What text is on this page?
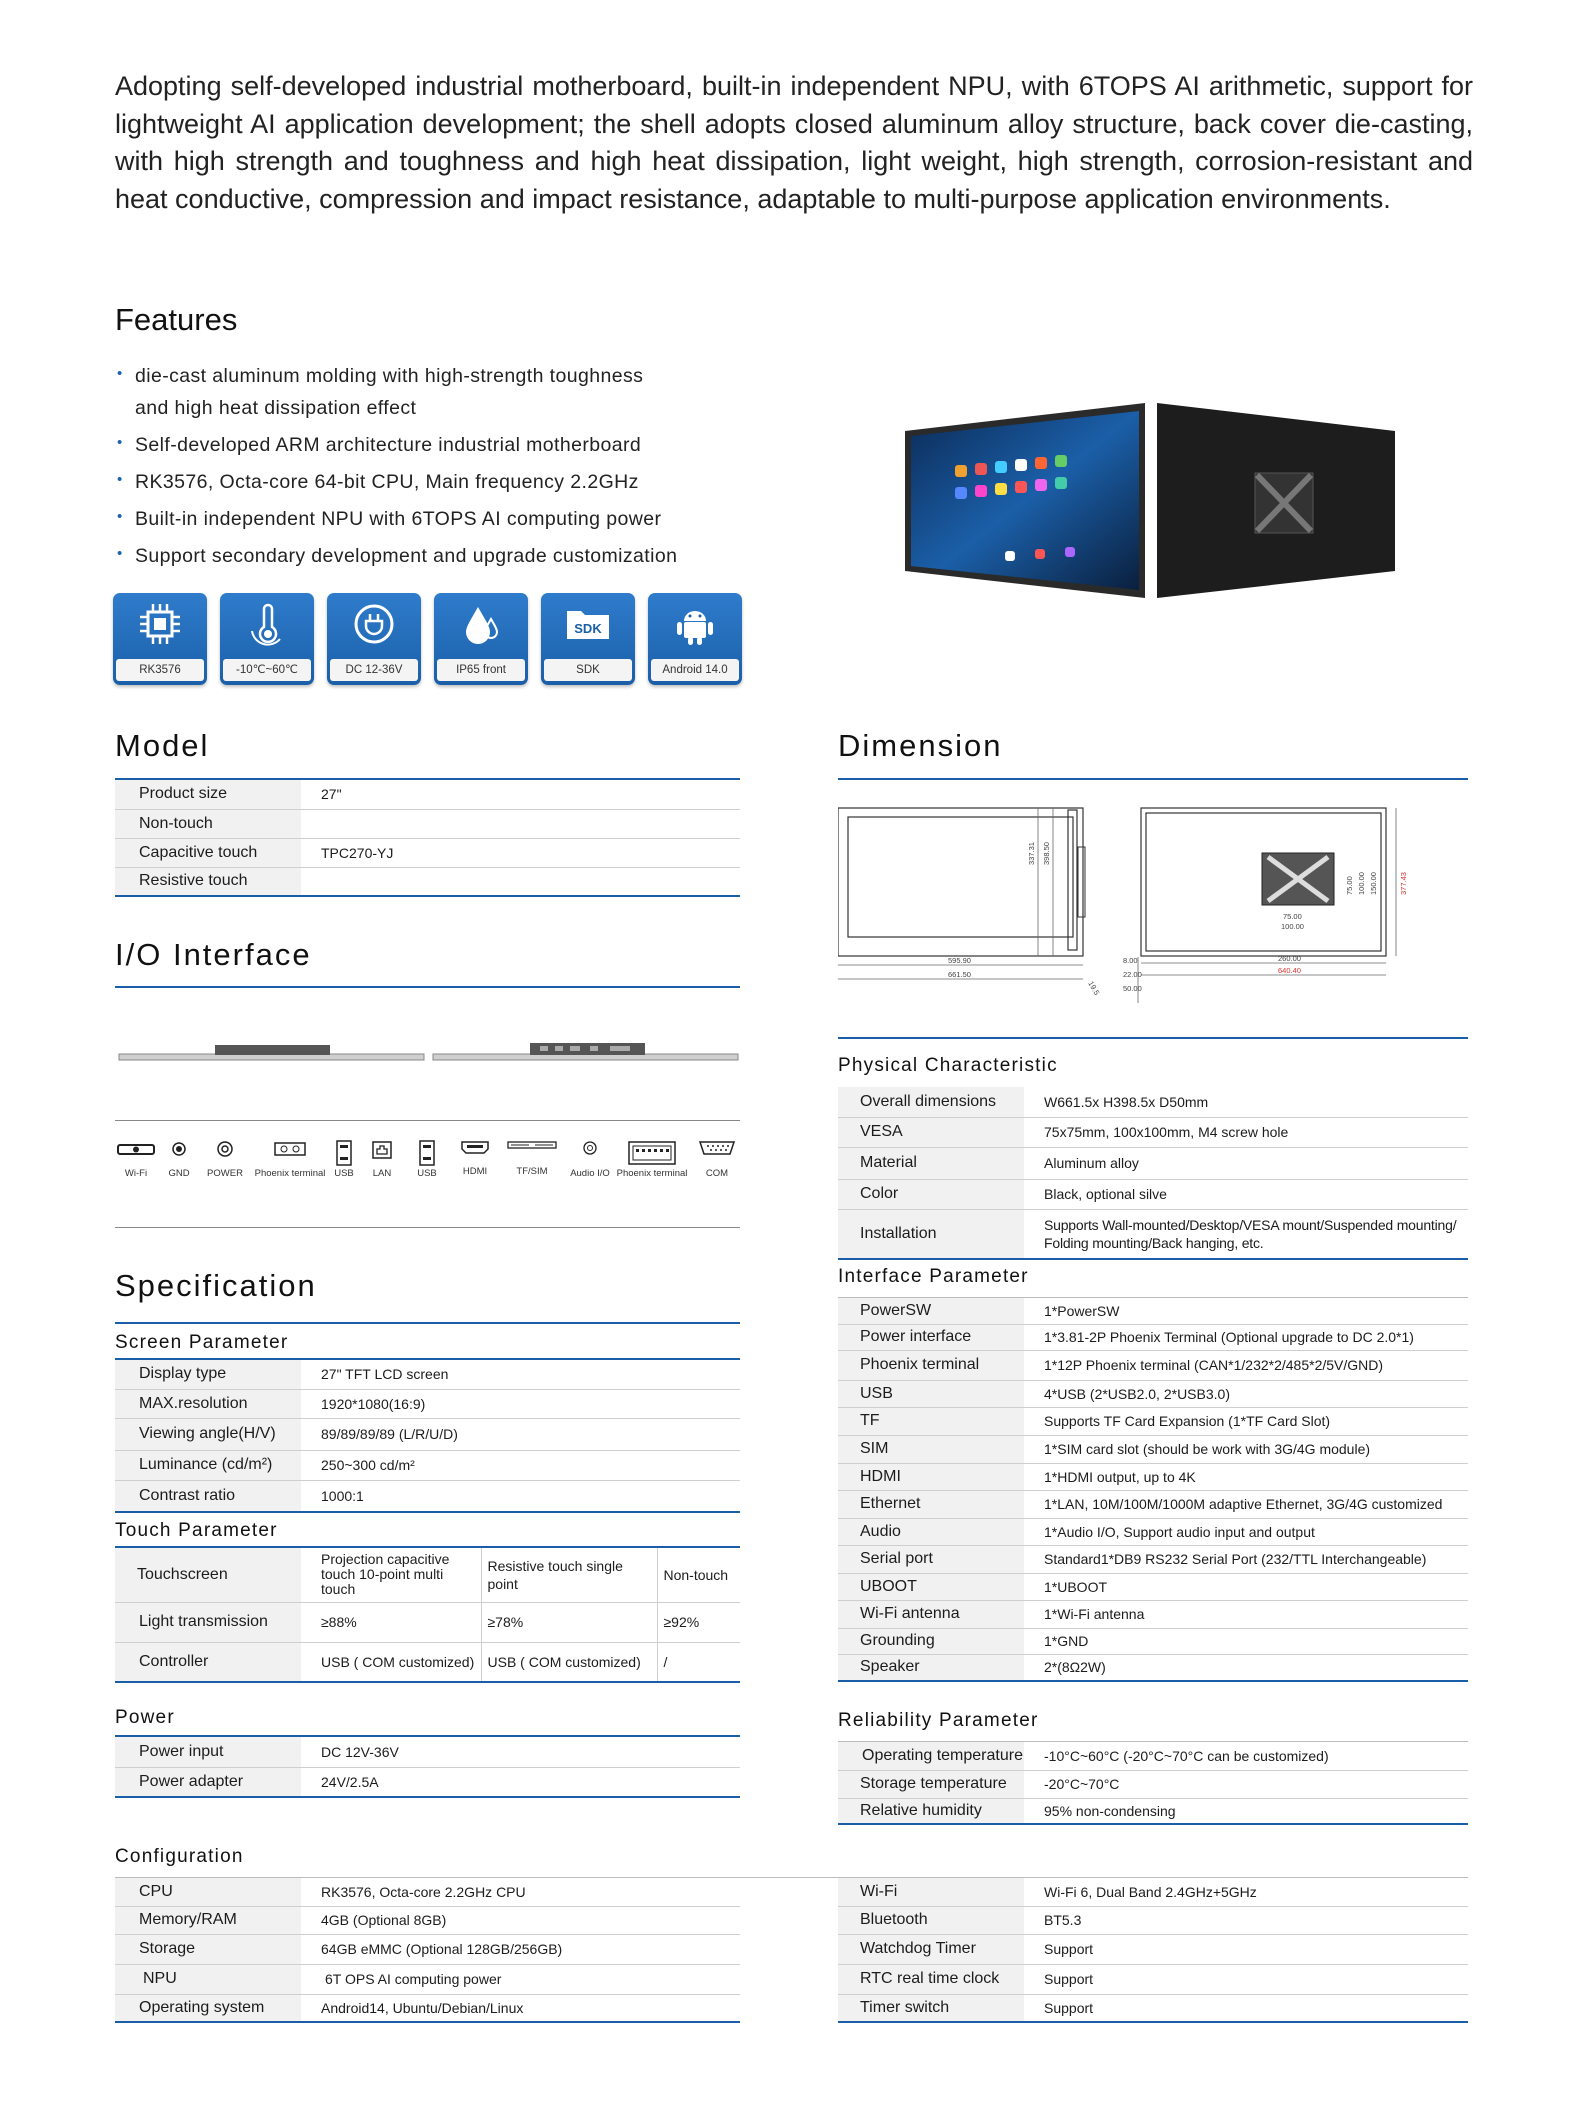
Adopting self-developed industrial motherboard, built-in independent NPU, with 6TOPS AI arithmetic, support for lightweight AI application development; the shell adopts closed aluminum alloy structure, back cover die-casting, with high strength and toughness and high heat dissipation, light weight, high strength, corrosion-resistant and heat conductive, compression and impact resistance, adaptable to multi-purpose application environments.

Features
• die-cast aluminum molding with high-strength toughness and high heat dissipation effect
• Self-developed ARM architecture industrial motherboard
• RK3576, Octa-core 64-bit CPU, Main frequency 2.2GHz
• Built-in independent NPU with 6TOPS AI computing power
• Support secondary development and upgrade customization
RK3576	-10℃~60℃	DC 12-36V	IP65 front
SDK
SDK	Android 14.0
Model
Product size	27"
Non-touch	
Capacitive touch	TPC270-YJ
Resistive touch	
I/O Interface
Wi-Fi	GND	POWER	Phoenix terminal USB	LAN	USB	HDMI	TF/SIM	Audio I/O Phoenix terminal	COM
Specification
Screen Parameter
Display type	27" TFT LCD screen
MAX.resolution	1920*1080(16:9)
Viewing angle(H/V)	89/89/89/89 (L/R/U/D)
Luminance (cd/m²)	250~300 cd/m²
Contrast ratio	1000:1
Touch Parameter
Touchscreen	Projection capacitive touch 10-point multi touch	Resistive touch single point	Non-touch
Light transmission	≥88%	≥78%	≥92%
Controller	USB ( COM customized)	USB ( COM customized)	/
Power
Power input	DC 12V-36V
Power adapter	24V/2.5A
Dimension
595.90
661.50
337.31 398.50
8.00
22.00
50.00
75.00
100.00
260.00
640.40
377.43
75.00 100.00 150.00
19.5
Physical Characteristic
Overall dimensions	W661.5x H398.5x D50mm
VESA	75x75mm, 100x100mm, M4 screw hole
Material	Aluminum alloy
Color	Black, optional silve
Installation	Supports Wall-mounted/Desktop/VESA mount/Suspended mounting/ Folding mounting/Back hanging, etc.
Interface Parameter
PowerSW	1*PowerSW
Power interface	1*3.81-2P Phoenix Terminal (Optional upgrade to DC 2.0*1)
Phoenix terminal	1*12P Phoenix terminal (CAN*1/232*2/485*2/5V/GND)
USB	4*USB (2*USB2.0, 2*USB3.0)
TF	Supports TF Card Expansion (1*TF Card Slot)
SIM	1*SIM card slot (should be work with 3G/4G module)
HDMI	1*HDMI output, up to 4K
Ethernet	1*LAN, 10M/100M/1000M adaptive Ethernet, 3G/4G customized
Audio	1*Audio I/O, Support audio input and output
Serial port	Standard1*DB9 RS232 Serial Port (232/TTL Interchangeable)
UBOOT	1*UBOOT
Wi-Fi antenna	1*Wi-Fi antenna
Grounding	1*GND
Speaker	2*(8Ω2W)
Reliability Parameter
Operating temperature	-10°C~60°C (-20°C~70°C can be customized)
Storage temperature	-20°C~70°C
Relative humidity	95% non-condensing
Configuration
CPU	RK3576, Octa-core 2.2GHz CPU
Memory/RAM	4GB (Optional 8GB)
Storage	64GB eMMC (Optional 128GB/256GB)
NPU	6T OPS AI computing power
Operating system	Android14, Ubuntu/Debian/Linux
Wi-Fi	Wi-Fi 6, Dual Band 2.4GHz+5GHz
Bluetooth	BT5.3
Watchdog Timer	Support
RTC real time clock	Support
Timer switch	Support
